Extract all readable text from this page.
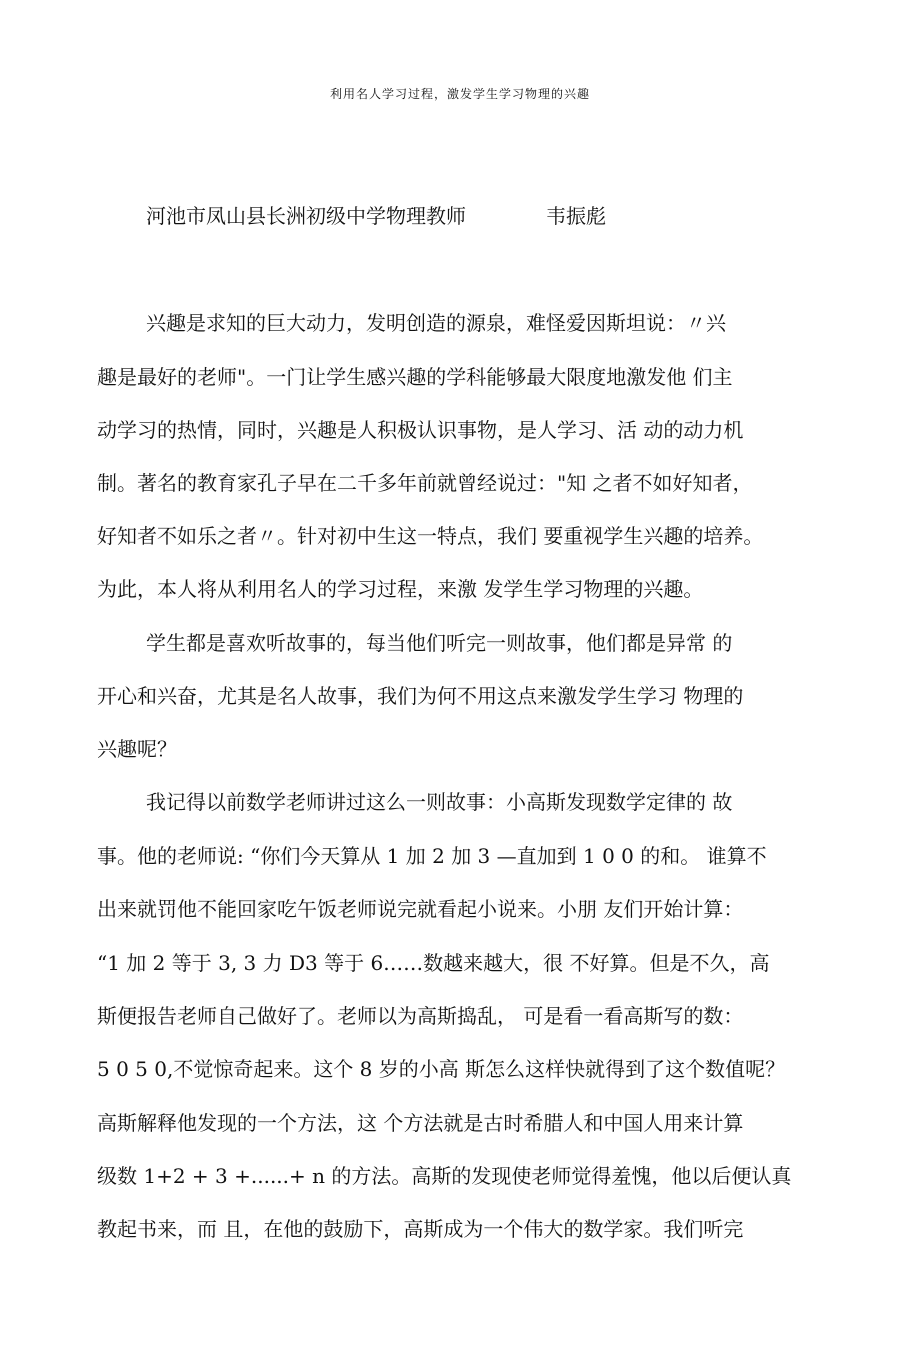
利用名人学习过程，激发学生学习物理的兴趣
河池市凤山县长洲初级中学物理教师	韦振彪
兴趣是求知的巨大动力，发明创造的源泉，难怪爱因斯坦说：〃兴
趣是最好的老师"。一门让学生感兴趣的学科能够最大限度地激发他 们主
动学习的热情，同时，兴趣是人积极认识事物，是人学习、活 动的动力机
制。著名的教育家孔子早在二千多年前就曾经说过："知 之者不如好知者，
好知者不如乐之者〃。针对初中生这一特点，我们 要重视学生兴趣的培养。
为此，本人将从利用名人的学习过程，来激 发学生学习物理的兴趣。
学生都是喜欢听故事的，每当他们听完一则故事，他们都是异常 的
开心和兴奋，尤其是名人故事，我们为何不用这点来激发学生学习 物理的
兴趣呢？
我记得以前数学老师讲过这么一则故事：小高斯发现数学定律的 故
事。他的老师说: “你们今天算从 1 加 2 加 3 —直加到 1 0 0 的和。 谁算不
出来就罚他不能回家吃午饭老师说完就看起小说来。小朋 友们开始计算：
“1 加 2 等于 3, 3 力 D3 等于 6……数越来越大，很 不好算。但是不久，高
斯便报告老师自己做好了。老师以为高斯捣乱， 可是看一看高斯写的数：
5 0 5 0,不觉惊奇起来。这个 8 岁的小高 斯怎么这样快就得到了这个数值呢？
高斯解释他发现的一个方法，这 个方法就是古时希腊人和中国人用来计算
级数 1+2 + 3 +......+ n 的方法。高斯的发现使老师觉得羞愧，他以后便认真
教起书来，而 且，在他的鼓励下，高斯成为一个伟大的数学家。我们听完
